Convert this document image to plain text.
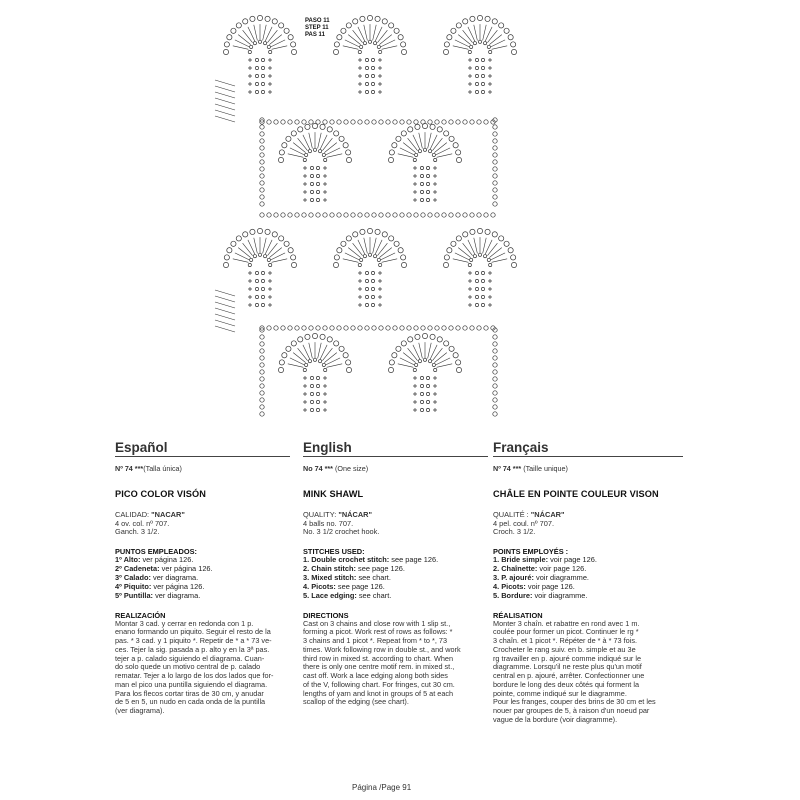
PASO 11
STEP 11
PAS 11
Español
Nº 74 ***(Talla única)
PICO COLOR VISÓN
CALIDAD: "NACAR"
4 ov. col. nº 707.
Ganch. 3 1/2.
PUNTOS EMPLEADOS:
1º Alto: ver página 126.
2º Cadeneta: ver página 126.
3º Calado: ver diagrama.
4º Piquito: ver página 126.
5º Puntilla: ver diagrama.
REALIZACIÓN
Montar 3 cad. y cerrar en redonda con 1 p.
enano formando un piquito. Seguir el resto de la
pas. * 3 cad. y 1 piquito *. Repetir de * a * 73 ve-
ces. Tejer la sig. pasada a p. alto y en la 3ª pas.
tejer a p. calado siguiendo el diagrama. Cuan-
do solo quede un motivo central de p. calado
rematar. Tejer a lo largo de los dos lados que for-
man el pico una puntilla siguiendo el diagrama.
Para los flecos cortar tiras de 30 cm, y anudar
de 5 en 5, un nudo en cada onda de la puntilla
(ver diagrama).
English
No 74 *** (One size)
MINK SHAWL
QUALITY: "NÁCAR"
4 balls no. 707.
No. 3 1/2 crochet hook.
STITCHES USED:
1. Double crochet stitch: see page 126.
2. Chain stitch: see page 126.
3. Mixed stitch: see chart.
4. Picots: see page 126.
5. Lace edging: see chart.
DIRECTIONS
Cast on 3 chains and close row with 1 slip st.,
forming a picot. Work rest of rows as follows: *
3 chains and 1 picot *. Repeat from * to *, 73
times. Work following row in double st., and work
third row in mixed st. according to chart. When
there is only one centre motif rem. in mixed st.,
cast off. Work a lace edging along both sides
of the V, following chart. For fringes, cut 30 cm.
lengths of yarn and knot in groups of 5 at each
scallop of the edging (see chart).
Français
Nº 74 *** (Taille unique)
CHÂLE EN POINTE COULEUR VISON
QUALITÉ : "NÁCAR"
4 pel. coul. nº 707.
Croch. 3 1/2.
POINTS EMPLOYÉS :
1. Bride simple: voir page 126.
2. Chaînette: voir page 126.
3. P. ajouré: voir diagramme.
4. Picots: voir page 126.
5. Bordure: voir diagramme.
RÉALISATION
Monter 3 chaîn. et rabattre en rond avec 1 m.
coulée pour former un picot. Continuer le rg *
3 chaîn. et 1 picot *. Répéter de * à * 73 fois.
Crocheter le rang suiv. en b. simple et au 3e
rg travailler en p. ajouré comme indiqué sur le
diagramme. Lorsqu'il ne reste plus qu'un motif
central en p. ajouré, arrêter. Confectionner une
bordure le long des deux côtés qui forment la
pointe, comme indiqué sur le diagramme.
Pour les franges, couper des brins de 30 cm et les
nouer par groupes de 5, à raison d'un noeud par
vague de la bordure (voir diagramme).
Página /Page 91
